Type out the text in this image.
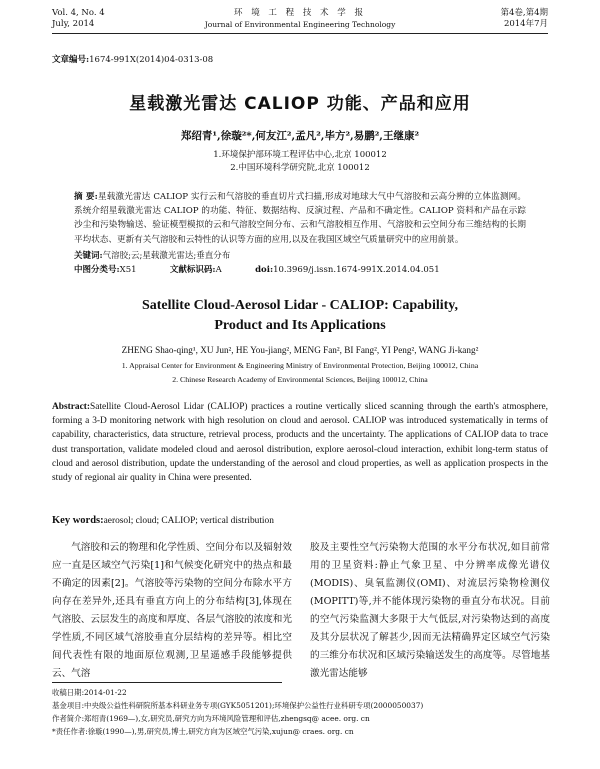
Vol. 4, No. 4
July, 2014
环 境 工 程 技 术 学 报
Journal of Environmental Engineering Technology
第4卷,第4期
2014年7月
文章编号:1674-991X(2014)04-0313-08
星载激光雷达 CALIOP 功能、产品和应用
郑绍青¹,徐璇²*,何友江²,孟凡²,毕方²,易鹏²,王继康²
1.环境保护部环境工程评估中心,北京 100012
2.中国环境科学研究院,北京 100012
摘 要:星载激光雷达 CALIOP 实行云和气溶胶的垂直切片式扫描,形成对地球大气中气溶胶和云高分辨的立体监测网。系统介绍星载激光雷达 CALIOP 的功能、特征、数据结构、反演过程、产品和不确定性。CALIOP 资料和产品在示踪沙尘和污染物输送、验证模型模拟的云和气溶胶空间分布、云和气溶胶相互作用、气溶胶和云空间分布三维结构的长期平均状态、更新有关气溶胶和云特性的认识等方面的应用,以及在我国区域空气质量研究中的应用前景。
关键词:气溶胶;云;星载激光雷达;垂直分布
中图分类号:X51	文献标识码:A	doi:10.3969/j.issn.1674-991X.2014.04.051
Satellite Cloud-Aerosol Lidar - CALIOP: Capability,
Product and Its Applications
ZHENG Shao-qing¹, XU Jun², HE You-jiang², MENG Fan², BI Fang², YI Peng², WANG Ji-kang²
1. Appraisal Center for Environment & Engineering Ministry of Environmental Protection, Beijing 100012, China
2. Chinese Research Academy of Environmental Sciences, Beijing 100012, China
Abstract:Satellite Cloud-Aerosol Lidar (CALIOP) practices a routine vertically sliced scanning through the earth's atmosphere, forming a 3-D monitoring network with high resolution on cloud and aerosol. CALIOP was introduced systematically in terms of capability, characteristics, data structure, retrieval process, products and the uncertainty. The applications of CALIOP data to trace dust transportation, validate modeled cloud and aerosol distribution, explore aerosol-cloud interaction, exhibit long-term status of cloud and aerosol distribution, update the understanding of the aerosol and cloud properties, as well as application prospects in the study of regional air quality in China were presented.
Key words:aerosol; cloud; CALIOP; vertical distribution
气溶胶和云的物理和化学性质、空间分布以及辐射效应一直是区域空气污染[1]和气候变化研究中的热点和最不确定的因素[2]。气溶胶等污染物的空间分布除水平方向存在差异外,还具有垂直方向上的分布结构[3],体现在气溶胶、云层发生的高度和厚度、各层气溶胶的浓度和光学性质,不同区域气溶胶垂直分层结构的差异等。相比空间代表性有限的地面原位观测,卫星遥感手段能够提供云、气溶
胶及主要性空气污染物大范围的水平分布状况,如目前常用的卫星资料:静止气象卫星、中分辨率成像光谱仪(MODIS)、臭氧监测仪(OMI)、对流层污染物检测仪(MOPITT)等,并不能体现污染物的垂直分布状况。目前的空气污染监测大多限于大气低层,对污染物达到的高度及其分层状况了解甚少,因而无法精确界定区域空气污染的三维分布状况和区域污染输送发生的高度等。尽管地基激光雷达能够
收稿日期:2014-01-22
基金项目:中央级公益性科研院所基本科研业务专项(GYK5051201);环境保护公益性行业科研专项(2000050037)
作者简介:郑绍青(1969—),女,研究员,研究方向为环境风险管理和评估,zhengsq@ acee. org. cn
*责任作者:徐璇(1990—),男,研究员,博士,研究方向为区域空气污染,xujun@ craes. org. cn
